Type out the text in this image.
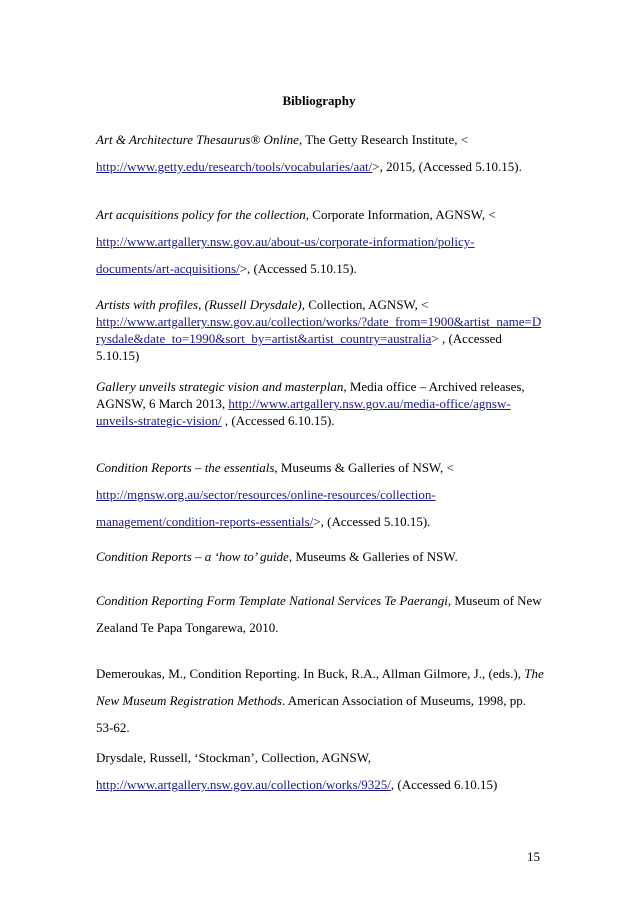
Bibliography
Art & Architecture Thesaurus® Online, The Getty Research Institute, <
http://www.getty.edu/research/tools/vocabularies/aat/>, 2015, (Accessed 5.10.15).
Art acquisitions policy for the collection, Corporate Information, AGNSW, <
http://www.artgallery.nsw.gov.au/about-us/corporate-information/policy-
documents/art-acquisitions/>, (Accessed 5.10.15).
Artists with profiles, (Russell Drysdale), Collection, AGNSW, <
http://www.artgallery.nsw.gov.au/collection/works/?date_from=1900&artist_name=D
rysdale&date_to=1990&sort_by=artist&artist_country=australia> , (Accessed
5.10.15)
Gallery unveils strategic vision and masterplan, Media office – Archived releases,
AGNSW, 6 March 2013, http://www.artgallery.nsw.gov.au/media-office/agnsw-
unveils-strategic-vision/ , (Accessed 6.10.15).
Condition Reports – the essentials, Museums & Galleries of NSW, <
http://mgnsw.org.au/sector/resources/online-resources/collection-
management/condition-reports-essentials/>, (Accessed 5.10.15).
Condition Reports – a ‘how to’ guide, Museums & Galleries of NSW.
Condition Reporting Form Template National Services Te Paerangi, Museum of New
Zealand Te Papa Tongarewa, 2010.
Demeroukas, M., Condition Reporting. In Buck, R.A., Allman Gilmore, J., (eds.), The
New Museum Registration Methods. American Association of Museums, 1998, pp.
53-62.
Drysdale, Russell, ‘Stockman’, Collection, AGNSW,
http://www.artgallery.nsw.gov.au/collection/works/9325/, (Accessed 6.10.15)
15
